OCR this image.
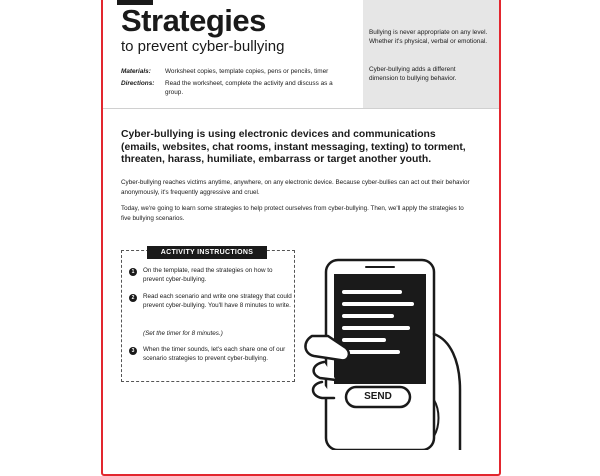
Strategies
to prevent cyber-bullying
Materials:	Worksheet copies, template copies, pens or pencils, timer
Directions:	Read the worksheet, complete the activity and discuss as a group.
Bullying is never appropriate on any level. Whether it's physical, verbal or emotional.
Cyber-bullying adds a different dimension to bullying behavior.
Cyber-bullying is using electronic devices and communications (emails, websites, chat rooms, instant messaging, texting) to torment, threaten, harass, humiliate, embarrass or target another youth.

Cyber-bullying reaches victims anytime, anywhere, on any electronic device. Because cyber-bullies can act out their behavior anonymously, it's frequently aggressive and cruel.

Today, we're going to learn some strategies to help protect ourselves from cyber-bullying. Then, we'll apply the strategies to five bullying scenarios.

ACTIVITY INSTRUCTIONS
1	On the template, read the strategies on how to prevent cyber-bullying.
2	Read each scenario and write one strategy that could prevent cyber-bullying. You'll have 8 minutes to write.
(Set the timer for 8 minutes.)
3	When the timer sounds, let's each share one of our scenario strategies to prevent cyber-bullying.
SEND
